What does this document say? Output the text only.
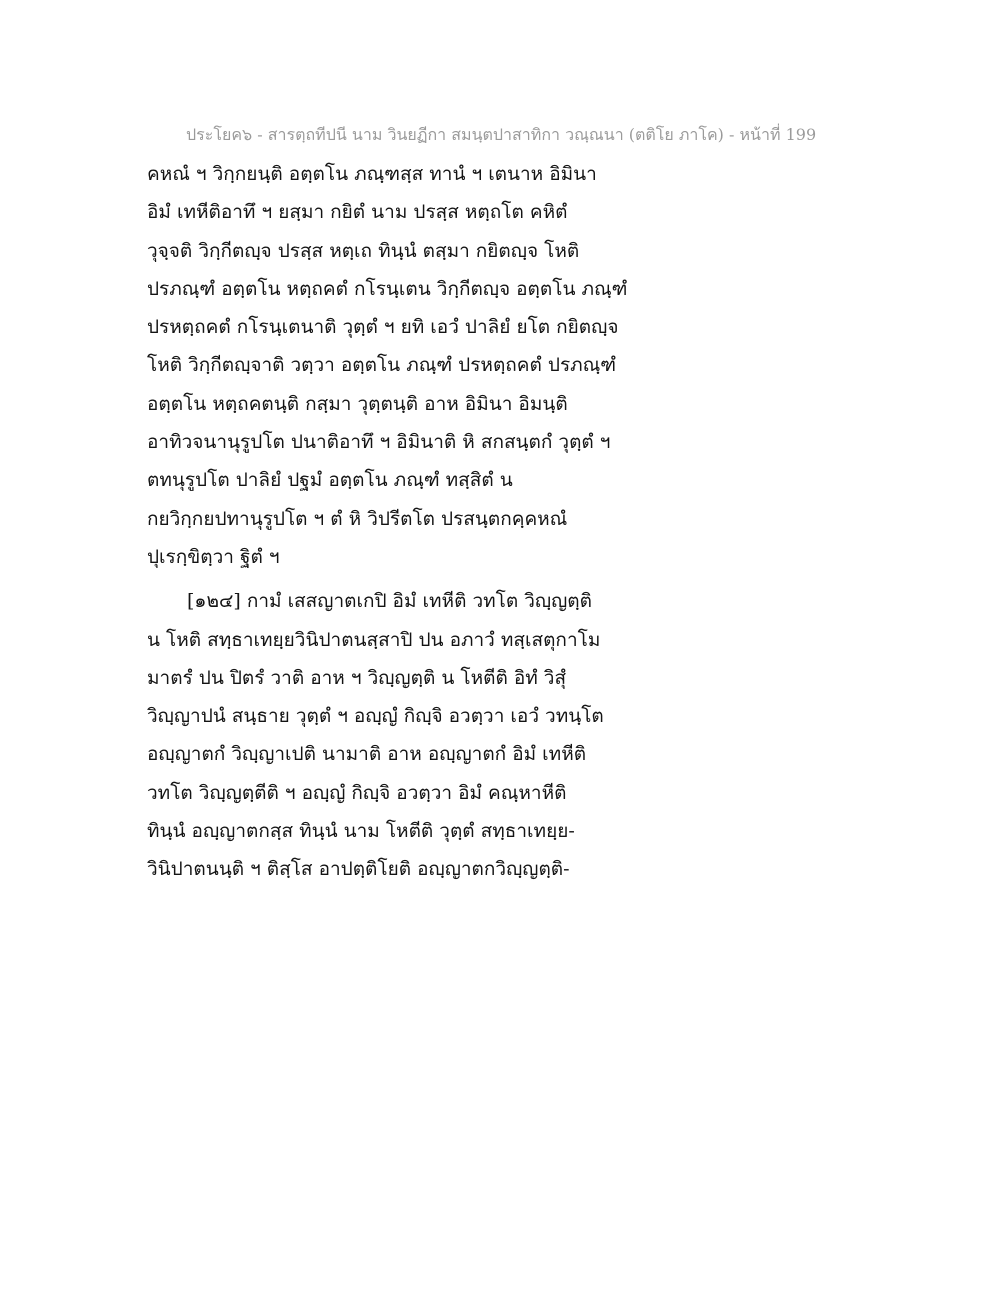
ประโยค๖ - สารตฺถทีปนี นาม วินยฏีกา สมนฺตปาสาทิกา วณฺณนา (ตติโย ภาโค) - หน้าที่ 199
คหณํ ฯ วิกฺกยนฺติ อตฺตโน ภณฺฑสฺส ทานํ ฯ เตนาห อิมินา
อิมํ เทหีติอาทึ ฯ ยสฺมา กยิตํ นาม ปรสฺส หตฺถโต คหิตํ
วุจฺจติ วิกฺกีตญฺจ ปรสฺส หตฺเถ ทินฺนํ ตสฺมา กยิตญฺจ โหติ
ปรภณฺฑํ อตฺตโน หตฺถคตํ กโรนฺเตน วิกฺกีตญฺจ อตฺตโน ภณฺฑํ
ปรหตฺถคตํ กโรนฺเตนาติ วุตฺตํ ฯ ยทิ เอวํ ปาลิยํ ยโต กยิตญฺจ
โหติ วิกฺกีตญฺจาติ วตฺวา อตฺตโน ภณฺฑํ ปรหตฺถคตํ ปรภณฺฑํ
อตฺตโน หตฺถคตนฺติ กสฺมา วุตฺตนฺติ อาห อิมินา อิมนฺติ
อาทิวจนานุรูปโต ปนาติอาทึ ฯ อิมินาติ หิ สกสนฺตกํ วุตฺตํ ฯ
ตทนุรูปโต ปาลิยํ ปฐมํ อตฺตโน ภณฺฑํ ทสฺสิตํ น
กยวิกฺกยปทานุรูปโต ฯ ตํ หิ วิปรีตโต ปรสนฺตกคฺคหณํ
ปุเรกฺขิตฺวา ฐิตํ ฯ
[๑๒๔] กามํ เสสญาตเกปิ อิมํ เทหีติ วทโต วิญฺญตฺติ
น โหติ สทฺธาเทยฺยวินิปาตนสฺสาปิ ปน อภาวํ ทสฺเสตุกาโม
มาตรํ ปน ปิตรํ วาติ อาห ฯ วิญฺญตฺติ น โหตีติ อิทํ วิสุํ
วิญฺญาปนํ สนฺธาย วุตฺตํ ฯ อญฺญํ กิญฺจิ อวตฺวา เอวํ วทนฺโต
อญฺญาตกํ วิญฺญาเปติ นามาติ อาห อญฺญาตกํ อิมํ เทหีติ
วทโต วิญฺญตฺตีติ ฯ อญฺญํ กิญฺจิ อวตฺวา อิมํ คณฺหาหีติ
ทินฺนํ อญฺญาตกสฺส ทินฺนํ นาม โหตีติ วุตฺตํ สทฺธาเทยฺย-
วินิปาตนนฺติ ฯ ติสฺโส อาปตฺติโยติ อญฺญาตกวิญฺญตฺติ-
